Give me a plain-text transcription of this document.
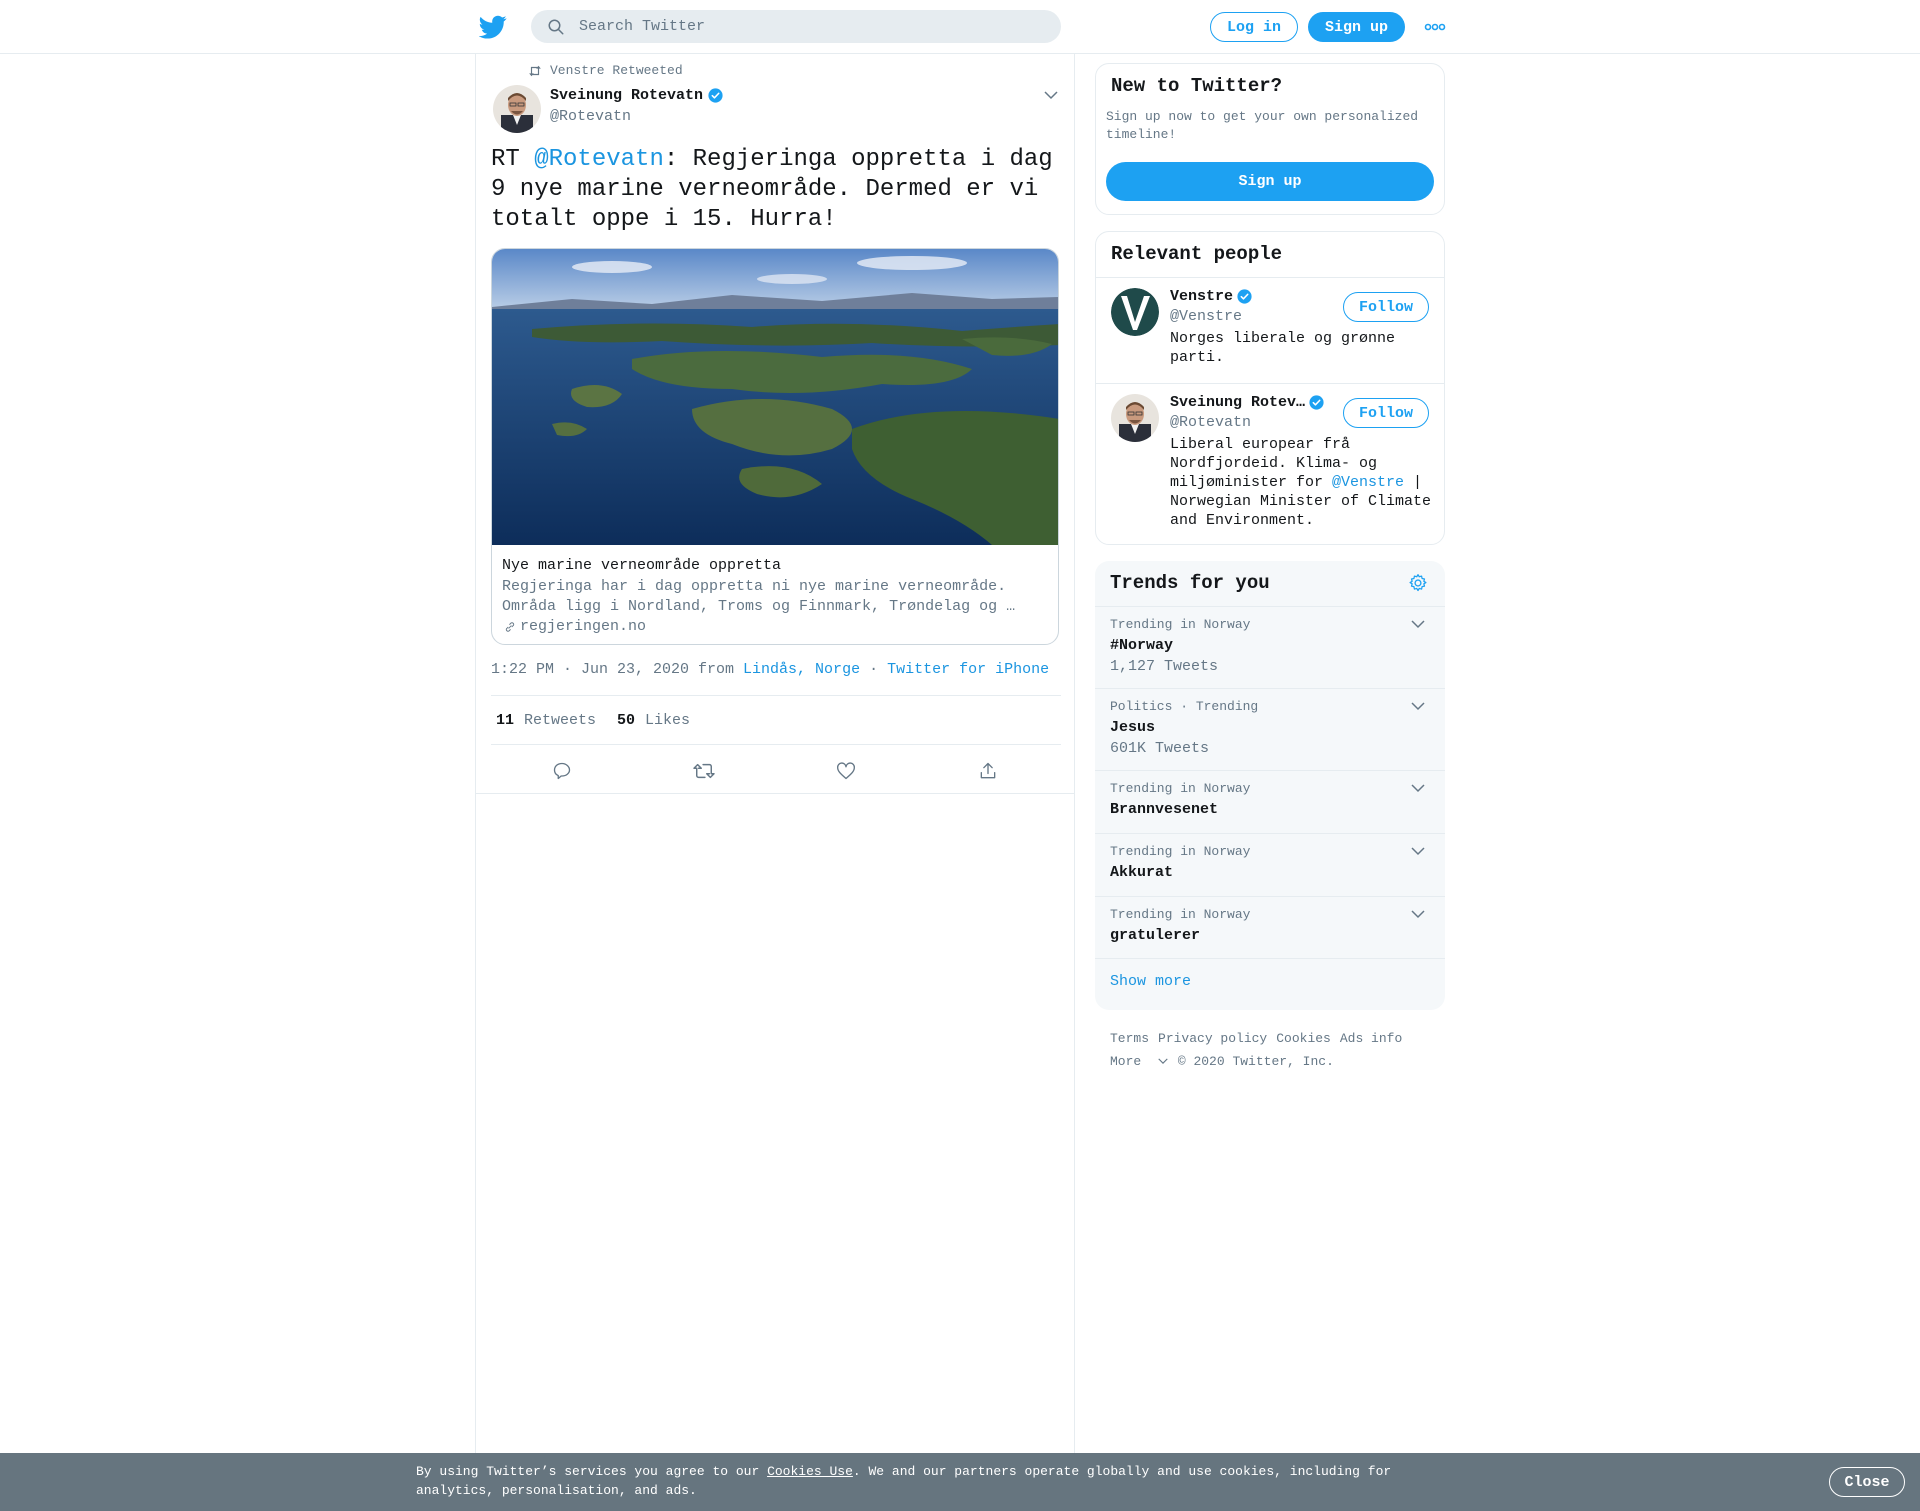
Search Twitter
Log in	Sign up
Venstre Retweeted
Sveinung Rotevatn
@Rotevatn
RT @Rotevatn: Regjeringa oppretta i dag 9 nye marine verneområde. Dermed er vi totalt oppe i 15. Hurra!
Nye marine verneområde oppretta
Regjeringa har i dag oppretta ni nye marine verneområde. Områda ligg i Nordland, Troms og Finnmark, Trøndelag og …
regjeringen.no
1:22 PM · Jun 23, 2020 from Lindås, Norge · Twitter for iPhone
11 Retweets 50 Likes
New to Twitter?
Sign up now to get your own personalized timeline!
Sign up
Relevant people
Venstre
@Venstre
Norges liberale og grønne parti.
Follow
Sveinung Rotev…
@Rotevatn
Liberal europear frå Nordfjordeid. Klima- og miljøminister for @Venstre | Norwegian Minister of Climate and Environment.
Follow
Trends for you
Trending in Norway
#Norway
1,127 Tweets
Politics · Trending
Jesus
601K Tweets
Trending in Norway
Brannvesenet
Trending in Norway
Akkurat
Trending in Norway
gratulerer
Show more
Terms Privacy policy Cookies Ads info
More	© 2020 Twitter, Inc.
By using Twitter’s services you agree to our Cookies Use. We and our partners operate globally and use cookies, including for analytics, personalisation, and ads.	Close
